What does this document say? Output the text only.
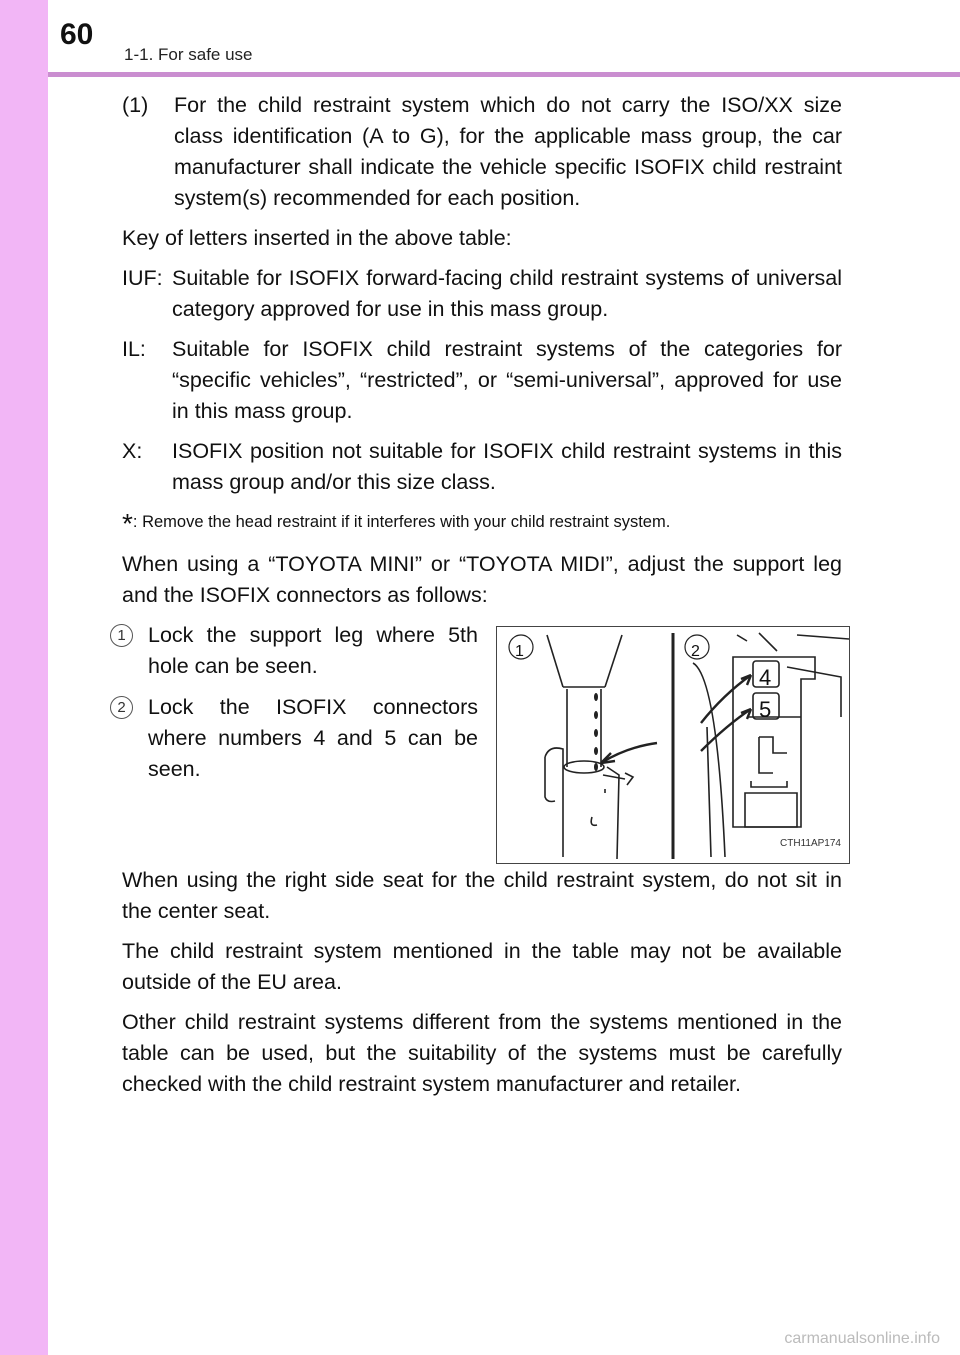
60
1-1. For safe use
(1)	For the child restraint system which do not carry the ISO/XX size class identification (A to G), for the applicable mass group, the car manufacturer shall indicate the vehicle specific ISOFIX child restraint system(s) recommended for each position.

Key of letters inserted in the above table:

IUF: Suitable for ISOFIX forward-facing child restraint systems of universal category approved for use in this mass group.
IL:	Suitable for ISOFIX child restraint systems of the categories for “specific vehicles”, “restricted”, or “semi-universal”, approved for use in this mass group.
X:	ISOFIX position not suitable for ISOFIX child restraint systems in this mass group and/or this size class.
*: Remove the head restraint if it interferes with your child restraint system.

When using a “TOYOTA MINI” or “TOYOTA MIDI”, adjust the support leg and the ISOFIX connectors as follows:

1	Lock the support leg where 5th hole can be seen.
2	Lock the ISOFIX connectors where numbers 4 and 5 can be seen.
1	2
4
5
CTH11AP174

When using the right side seat for the child restraint system, do not sit in the center seat.

The child restraint system mentioned in the table may not be available outside of the EU area.

Other child restraint systems different from the systems mentioned in the table can be used, but the suitability of the systems must be carefully checked with the child restraint system manufacturer and retailer.

carmanualsonline.info
